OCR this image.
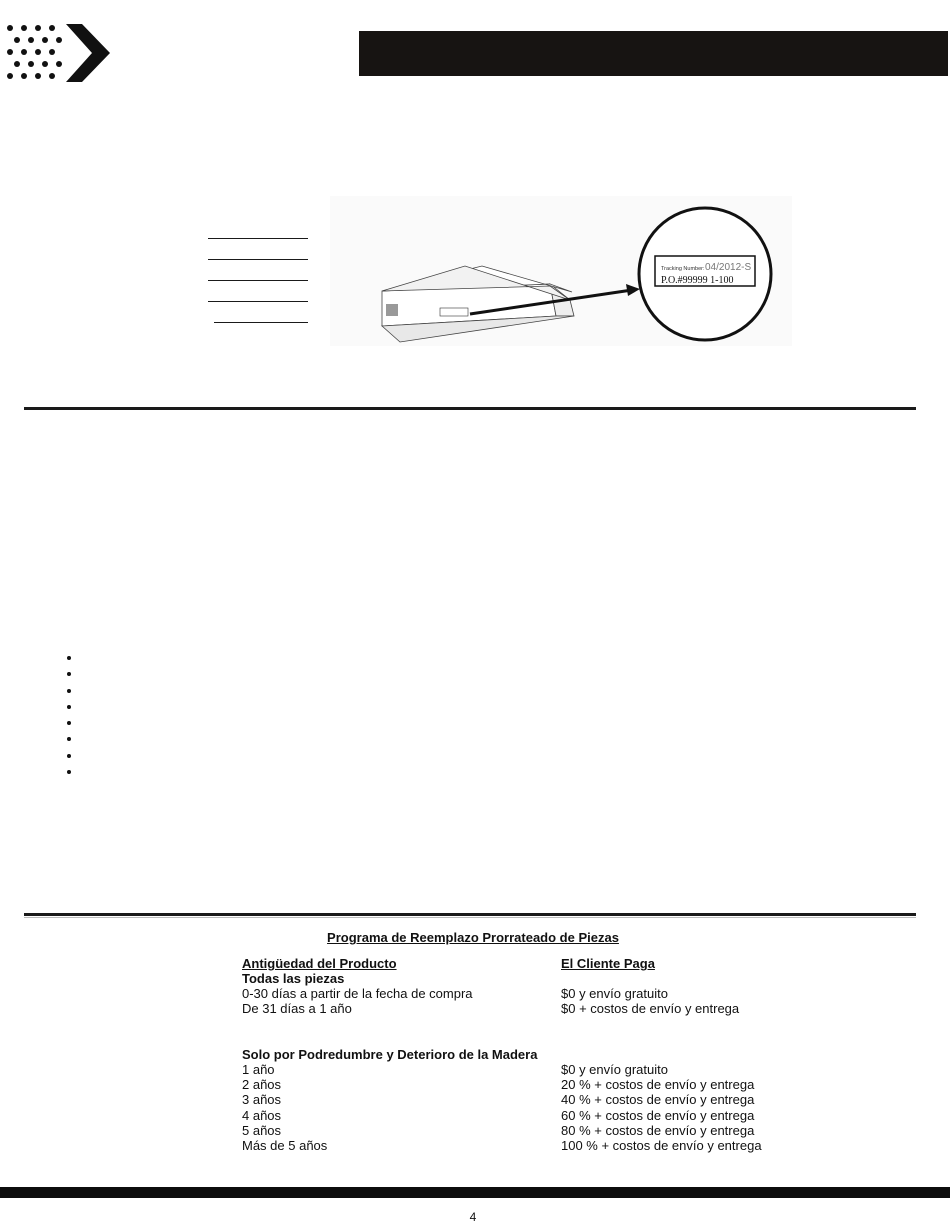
Tracking Number: 04/2012-S
P.O.#99999 1-100
Programa de Reemplazo Prorrateado de Piezas
Antigüedad del Producto	El Cliente Paga
Todas las piezas
0-30 días a partir de la fecha de compra	$0 y envío gratuito
De 31 días a 1 año	$0 + costos de envío y entrega
Solo por Podredumbre y Deterioro de la Madera
1 año	$0 y envío gratuito
2 años	20 % + costos de envío y entrega
3 años	40 % + costos de envío y entrega
4 años	60 % + costos de envío y entrega
5 años	80 % + costos de envío y entrega
Más de 5 años	100 % + costos de envío y entrega
4
